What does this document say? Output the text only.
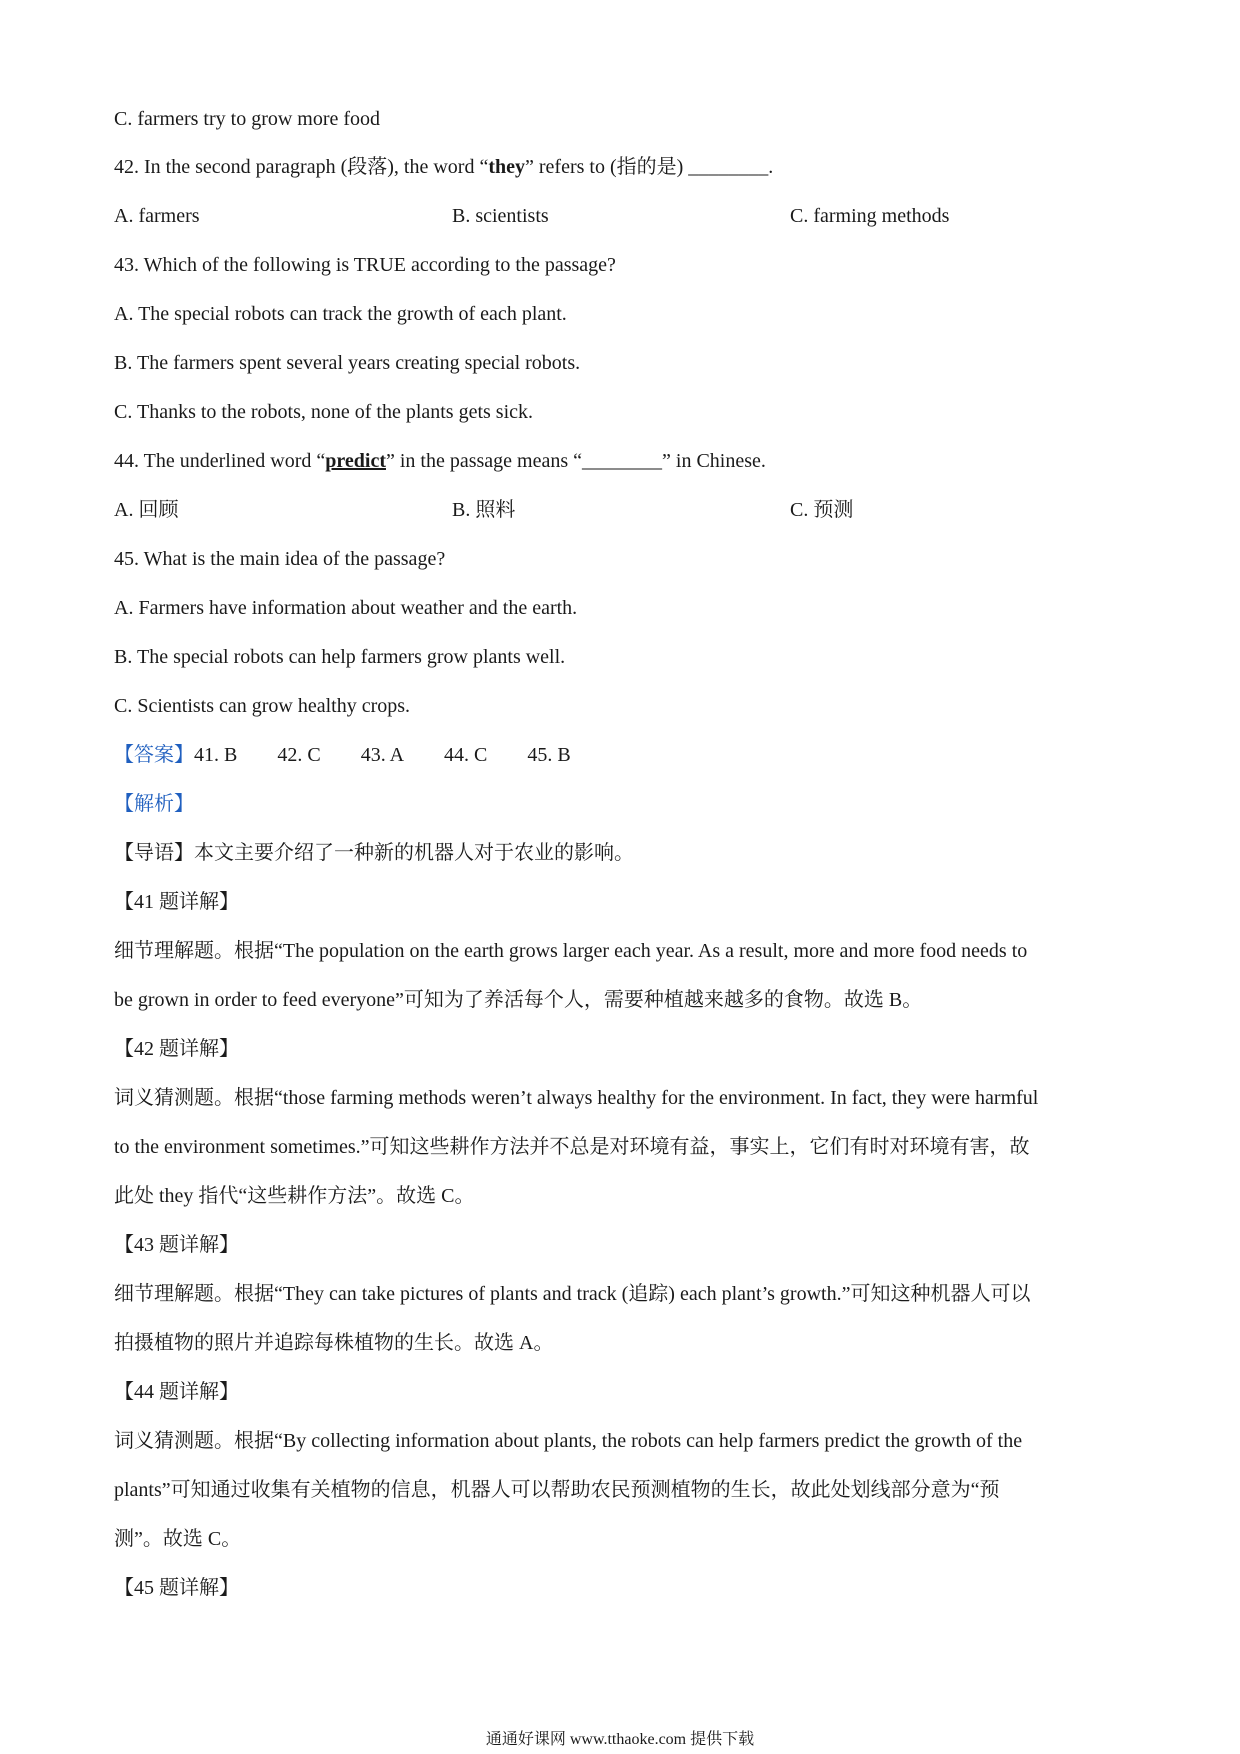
C. farmers try to grow more food
42. In the second paragraph (段落), the word “they” refers to (指的是) ________.
A. farmers	B. scientists	C. farming methods
43. Which of the following is TRUE according to the passage?
A. The special robots can track the growth of each plant.
B. The farmers spent several years creating special robots.
C. Thanks to the robots, none of the plants gets sick.
44. The underlined word “predict” in the passage means “________” in Chinese.
A. 回顾	B. 照料	C. 预测
45. What is the main idea of the passage?
A. Farmers have information about weather and the earth.
B. The special robots can help farmers grow plants well.
C. Scientists can grow healthy crops.
【答案】41. B 42. C 43. A 44. C 45. B
【解析】
【导语】本文主要介绍了一种新的机器人对于农业的影响。
【41 题详解】
细节理解题。根据“The population on the earth grows larger each year. As a result, more and more food needs to
be grown in order to feed everyone”可知为了养活每个人，需要种植越来越多的食物。故选 B。
【42 题详解】
词义猜测题。根据“those farming methods weren’t always healthy for the environment. In fact, they were harmful
to the environment sometimes.”可知这些耕作方法并不总是对环境有益，事实上，它们有时对环境有害，故
此处 they 指代“这些耕作方法”。故选 C。
【43 题详解】
细节理解题。根据“They can take pictures of plants and track (追踪) each plant’s growth.”可知这种机器人可以
拍摄植物的照片并追踪每株植物的生长。故选 A。
【44 题详解】
词义猜测题。根据“By collecting information about plants, the robots can help farmers predict the growth of the
plants”可知通过收集有关植物的信息，机器人可以帮助农民预测植物的生长，故此处划线部分意为“预
测”。故选 C。
【45 题详解】
通通好课网 www.tthaoke.com 提供下载
